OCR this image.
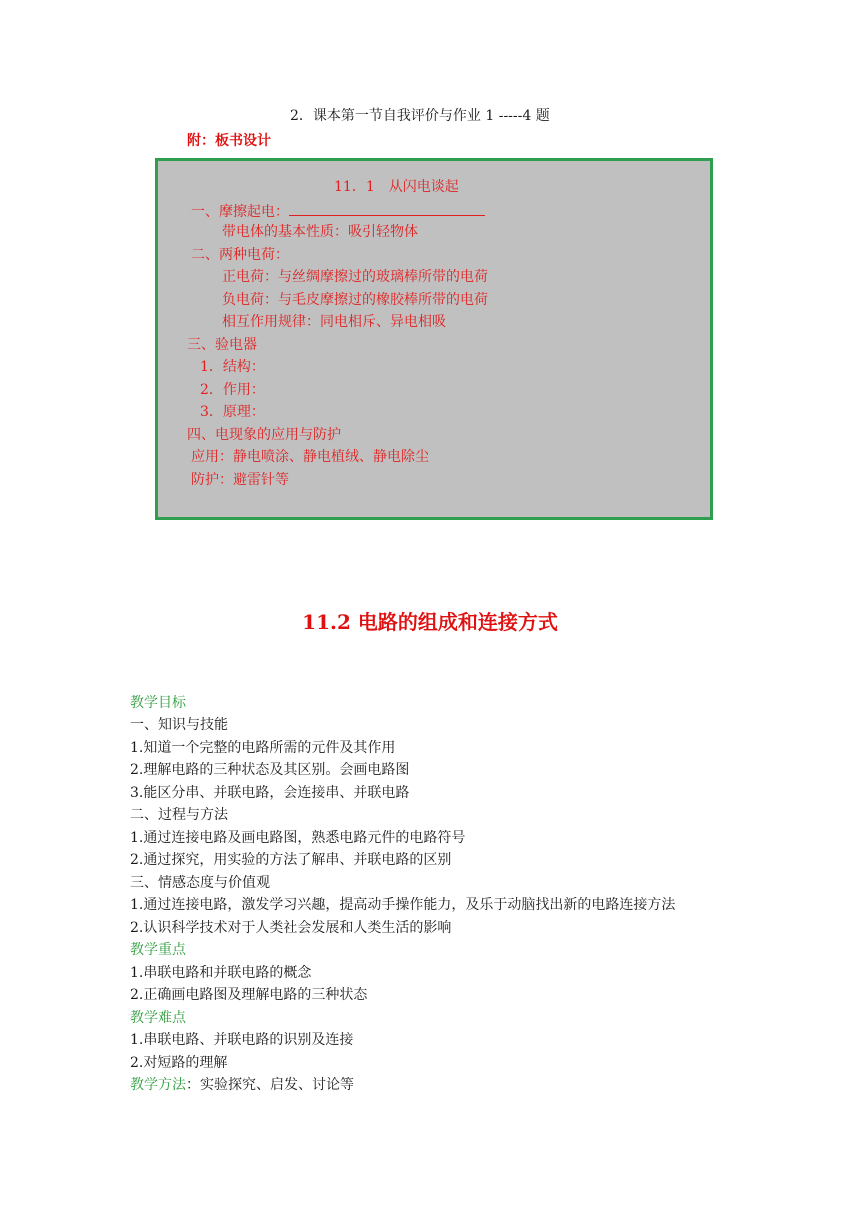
2．课本第一节自我评价与作业 1 -----4 题
附：板书设计
11．1　从闪电谈起
一、摩擦起电：
带电体的基本性质：吸引轻物体
二、两种电荷：
正电荷：与丝绸摩擦过的玻璃棒所带的电荷
负电荷：与毛皮摩擦过的橡胶棒所带的电荷
相互作用规律：同电相斥、异电相吸
三、验电器
1．结构：
2．作用：
3．原理：
四、电现象的应用与防护
应用：静电喷涂、静电植绒、静电除尘
防护：避雷针等
11.2 电路的组成和连接方式
教学目标
一、知识与技能
1.知道一个完整的电路所需的元件及其作用
2.理解电路的三种状态及其区别。会画电路图
3.能区分串、并联电路，会连接串、并联电路
二、过程与方法
1.通过连接电路及画电路图，熟悉电路元件的电路符号
2.通过探究，用实验的方法了解串、并联电路的区别
三、情感态度与价值观
1.通过连接电路，激发学习兴趣，提高动手操作能力，及乐于动脑找出新的电路连接方法
2.认识科学技术对于人类社会发展和人类生活的影响
教学重点
1.串联电路和并联电路的概念
2.正确画电路图及理解电路的三种状态
教学难点
1.串联电路、并联电路的识别及连接
2.对短路的理解
教学方法：实验探究、启发、讨论等
